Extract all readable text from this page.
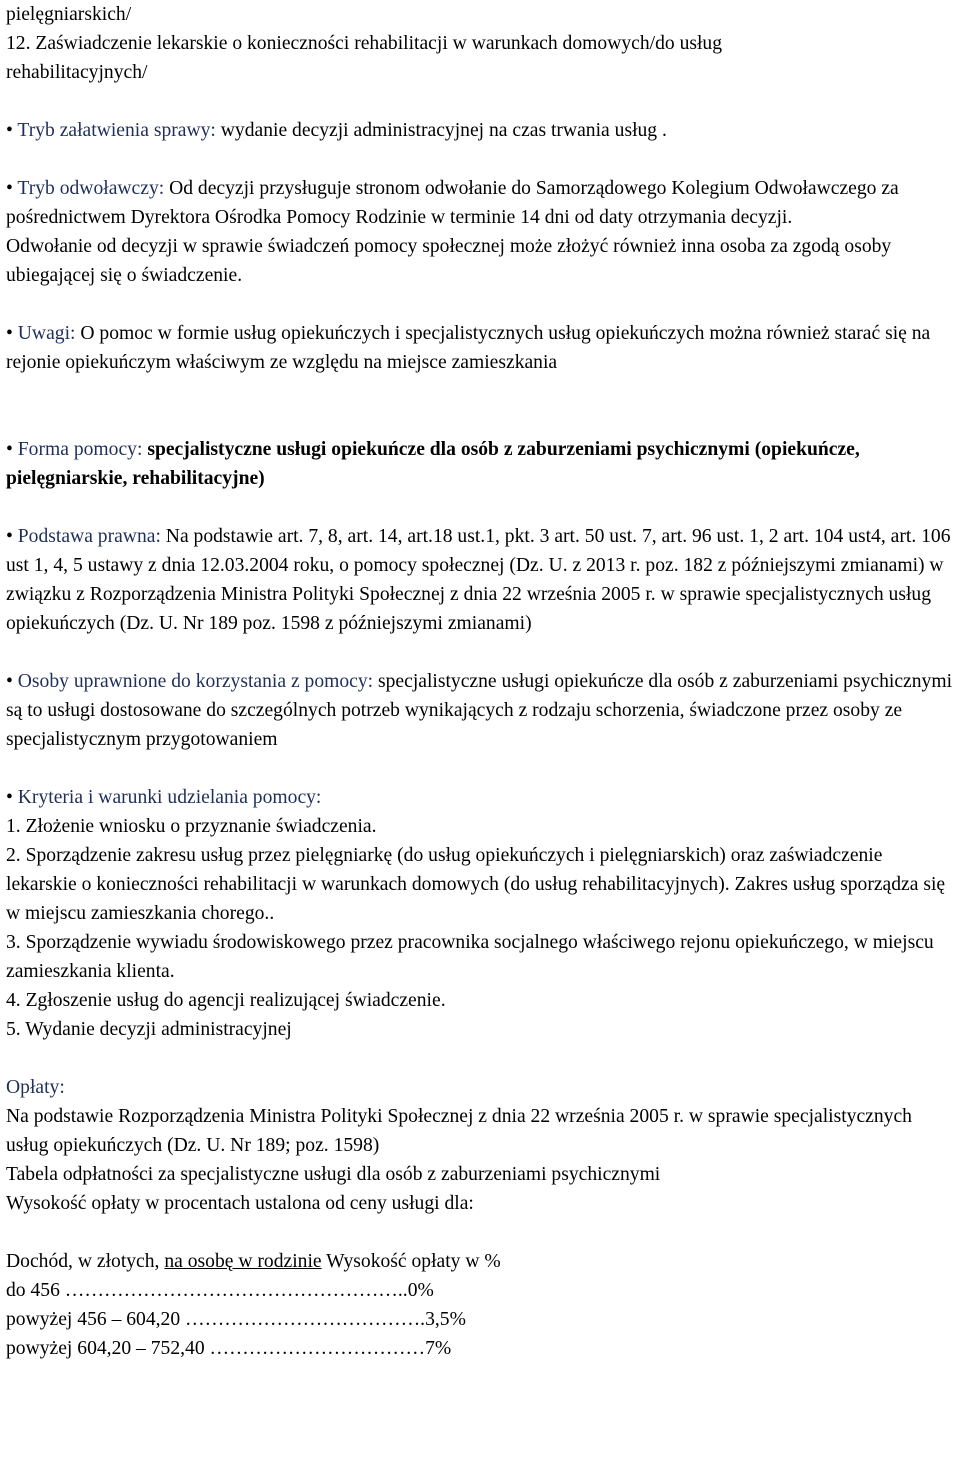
pielęgniarskich/

12. Zaświadczenie lekarskie o konieczności rehabilitacji w warunkach domowych/do usług

rehabilitacyjnych/

• Tryb załatwienia sprawy: wydanie decyzji administracyjnej na czas trwania usług .

• Tryb odwoławczy: Od decyzji przysługuje stronom odwołanie do Samorządowego Kolegium Odwoławczego za pośrednictwem Dyrektora Ośrodka Pomocy Rodzinie w terminie 14 dni od daty otrzymania decyzji.

Odwołanie od decyzji w sprawie świadczeń pomocy społecznej może złożyć również inna osoba za zgodą osoby ubiegającej się o świadczenie.

• Uwagi: O pomoc w formie usług opiekuńczych i specjalistycznych usług opiekuńczych można również starać się na rejonie opiekuńczym właściwym ze względu na miejsce zamieszkania

• Forma pomocy: specjalistyczne usługi opiekuńcze dla osób z zaburzeniami psychicznymi (opiekuńcze, pielęgniarskie, rehabilitacyjne)

• Podstawa prawna: Na podstawie art. 7, 8, art. 14, art.18 ust.1, pkt. 3 art. 50 ust. 7, art. 96 ust. 1, 2 art. 104 ust4, art. 106 ust 1, 4, 5 ustawy z dnia 12.03.2004 roku, o pomocy społecznej (Dz. U. z 2013 r. poz. 182 z późniejszymi zmianami) w związku z Rozporządzenia Ministra Polityki Społecznej z dnia 22 września 2005 r. w sprawie specjalistycznych usług opiekuńczych (Dz. U. Nr 189 poz. 1598 z późniejszymi zmianami)

• Osoby uprawnione do korzystania z pomocy: specjalistyczne usługi opiekuńcze dla osób z zaburzeniami psychicznymi są to usługi dostosowane do szczególnych potrzeb wynikających z rodzaju schorzenia, świadczone przez osoby ze specjalistycznym przygotowaniem

• Kryteria i warunki udzielania pomocy:

1. Złożenie wniosku o przyznanie świadczenia.

2. Sporządzenie zakresu usług przez pielęgniarkę (do usług opiekuńczych i pielęgniarskich) oraz zaświadczenie lekarskie o konieczności rehabilitacji w warunkach domowych (do usług rehabilitacyjnych). Zakres usług sporządza się w miejscu zamieszkania chorego..

3. Sporządzenie wywiadu środowiskowego przez pracownika socjalnego właściwego rejonu opiekuńczego, w miejscu zamieszkania klienta.

4. Zgłoszenie usług do agencji realizującej świadczenie.

5. Wydanie decyzji administracyjnej

Opłaty:

Na podstawie Rozporządzenia Ministra Polityki Społecznej z dnia 22 września 2005 r. w sprawie specjalistycznych usług opiekuńczych (Dz. U. Nr 189; poz. 1598)

Tabela odpłatności za specjalistyczne usługi dla osób z zaburzeniami psychicznymi

Wysokość opłaty w procentach ustalona od ceny usługi dla:

Dochód, w złotych, na osobę w rodzinie Wysokość opłaty w %

do 456 ……………………………………………..0%

powyżej 456 – 604,20 ……………………………….3,5%

powyżej 604,20 – 752,40 ……………………………7%
